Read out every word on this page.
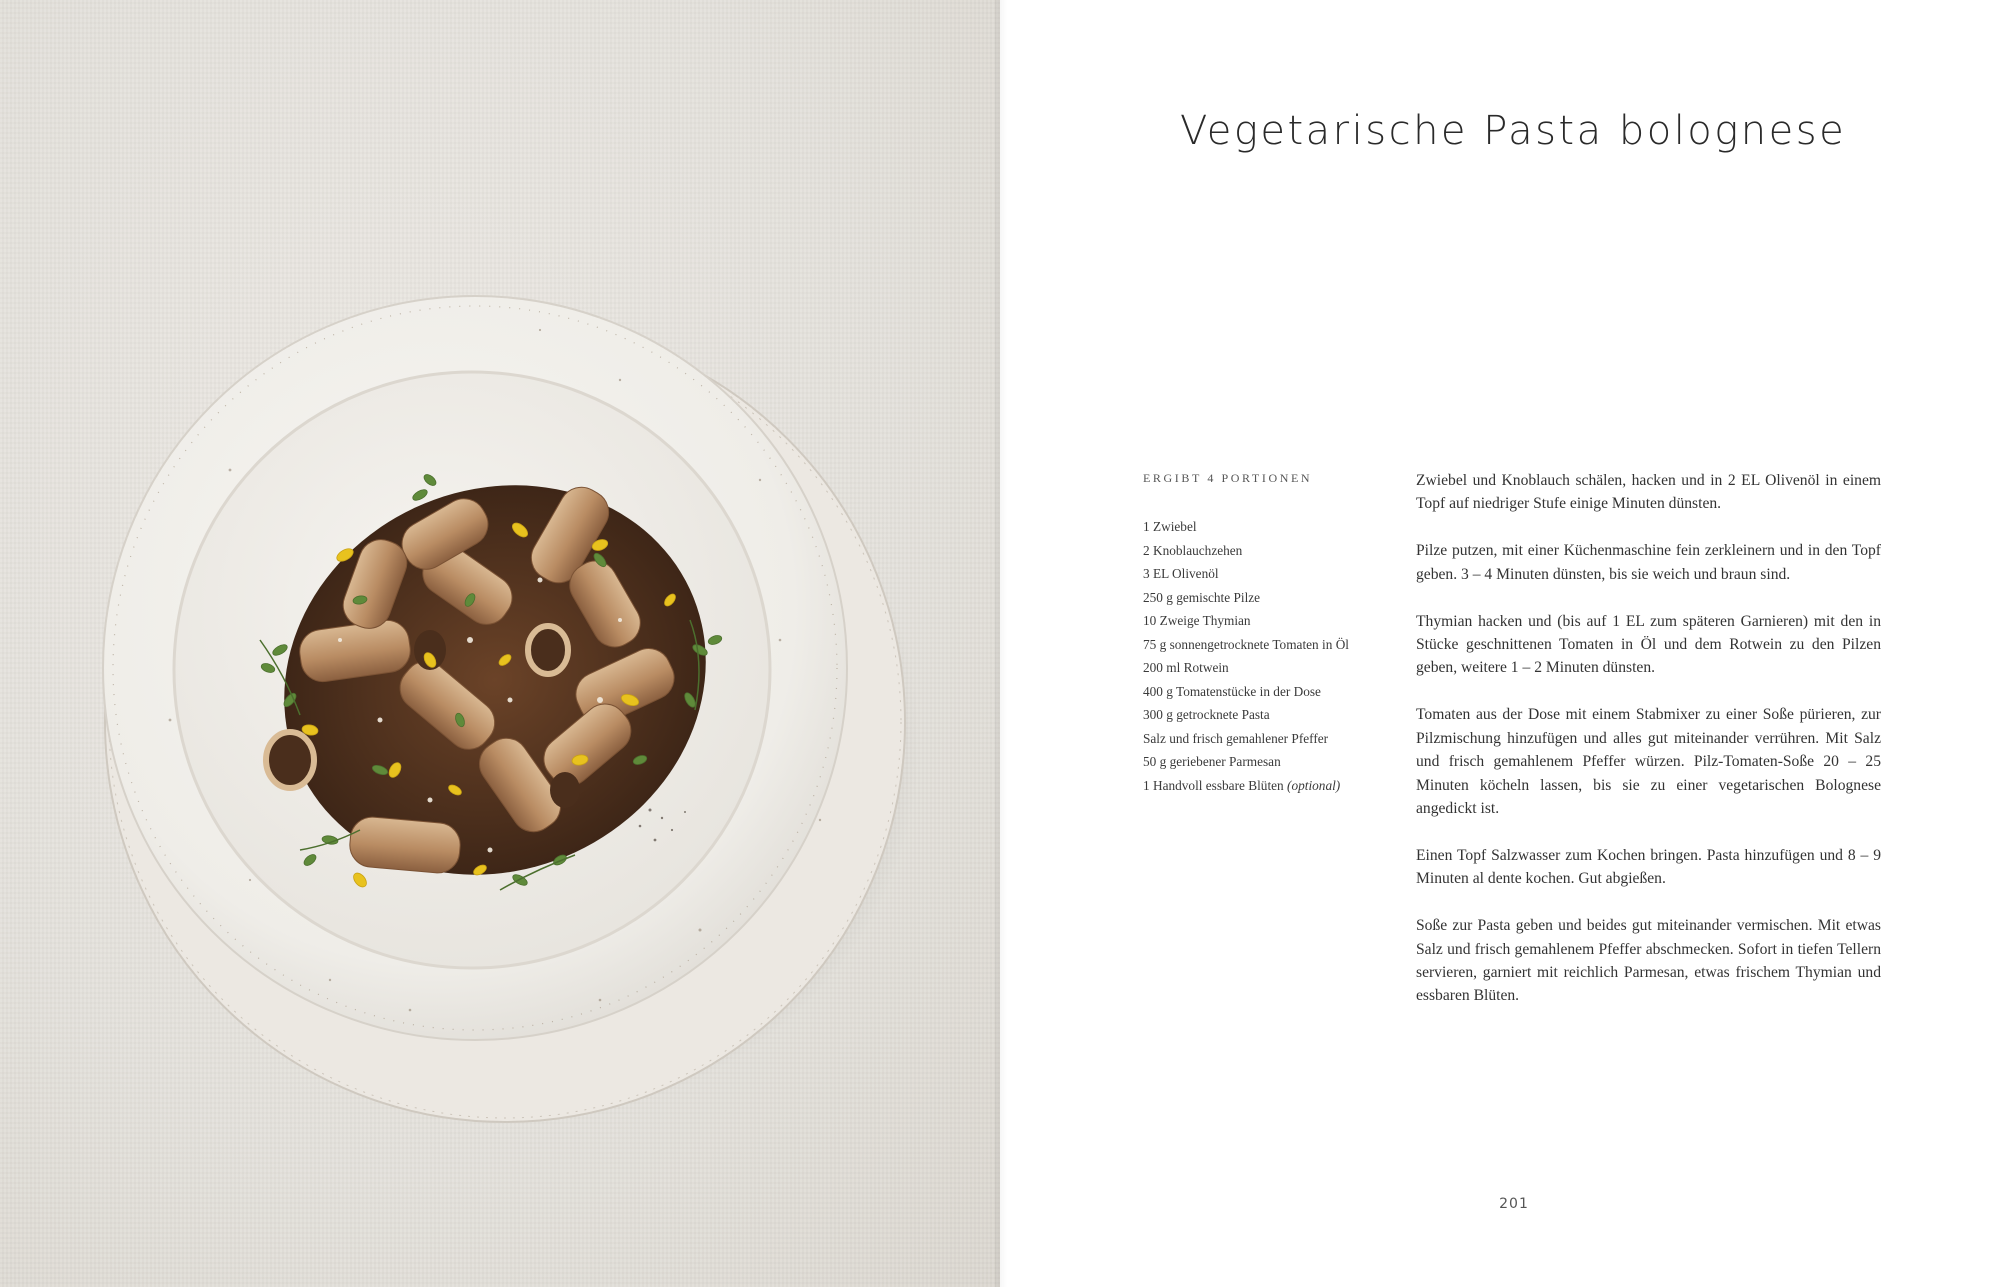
Vegetarische Pasta bolognese
ERGIBT 4 PORTIONEN
1 Zwiebel
2 Knoblauchzehen
3 EL Olivenöl
250 g gemischte Pilze
10 Zweige Thymian
75 g sonnengetrocknete Tomaten in Öl
200 ml Rotwein
400 g Tomatenstücke in der Dose
300 g getrocknete Pasta
Salz und frisch gemahlener Pfeffer
50 g geriebener Parmesan
1 Handvoll essbare Blüten (optional)

Zwiebel und Knoblauch schälen, hacken und in 2 EL Olivenöl in einem Topf auf niedriger Stufe einige Minuten dünsten.

Pilze putzen, mit einer Küchenmaschine fein zerkleinern und in den Topf geben. 3 – 4 Minuten dünsten, bis sie weich und braun sind.

Thymian hacken und (bis auf 1 EL zum späteren Garnieren) mit den in Stücke geschnittenen Tomaten in Öl und dem Rotwein zu den Pilzen geben, weitere 1 – 2 Minuten dünsten.

Tomaten aus der Dose mit einem Stabmixer zu einer Soße pürieren, zur Pilzmischung hinzufügen und alles gut miteinander verrühren. Mit Salz und frisch gemahlenem Pfeffer würzen. Pilz-Tomaten-Soße 20 – 25 Minuten köcheln lassen, bis sie zu einer vegetarischen Bolognese angedickt ist.

Einen Topf Salzwasser zum Kochen bringen. Pasta hinzufügen und 8 – 9 Minuten al dente kochen. Gut abgießen.

Soße zur Pasta geben und beides gut miteinander vermischen. Mit etwas Salz und frisch gemahlenem Pfeffer abschmecken. Sofort in tiefen Tellern servieren, garniert mit reichlich Parmesan, etwas frischem Thymian und essbaren Blüten.

201
